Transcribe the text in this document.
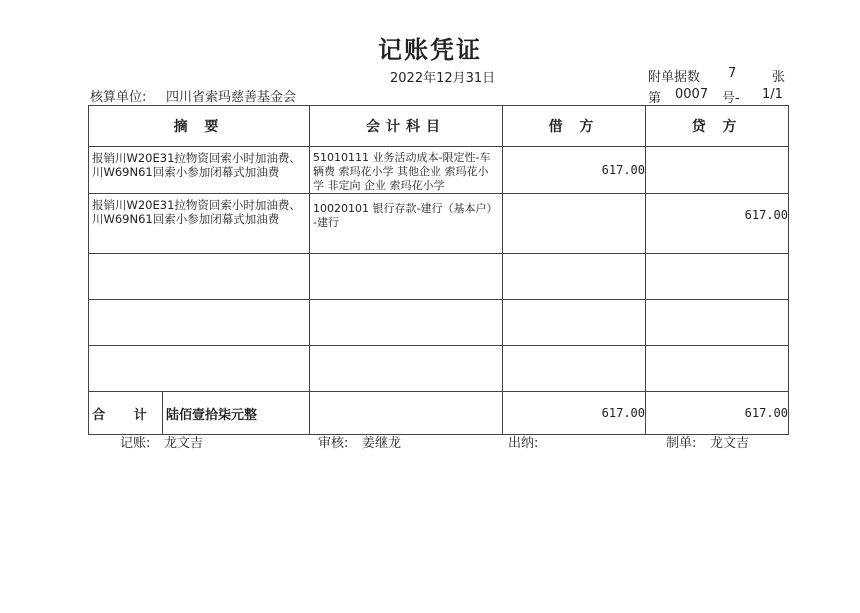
记账凭证
2022年12月31日	附单据数 7	张
核算单位: 四川省索玛慈善基金会	第 0007 号- 1/1
摘 要	会计科目	借 方	贷 方

报销川W20E31拉物资回索小时加油费、川W69N61回索小参加闭幕式加油费	51010111 业务活动成本-限定性-车辆费 索玛花小学 其他企业 索玛花小学 非定向 企业 索玛花小学	617.00	

报销川W20E31拉物资回索小时加油费、川W69N61回索小参加闭幕式加油费	10020101 银行存款-建行（基本户）-建行		617.00

合 计 陆佰壹拾柒元整		617.00	617.00
记账: 龙文吉	审核: 姜继龙	出纳:	制单: 龙文吉
